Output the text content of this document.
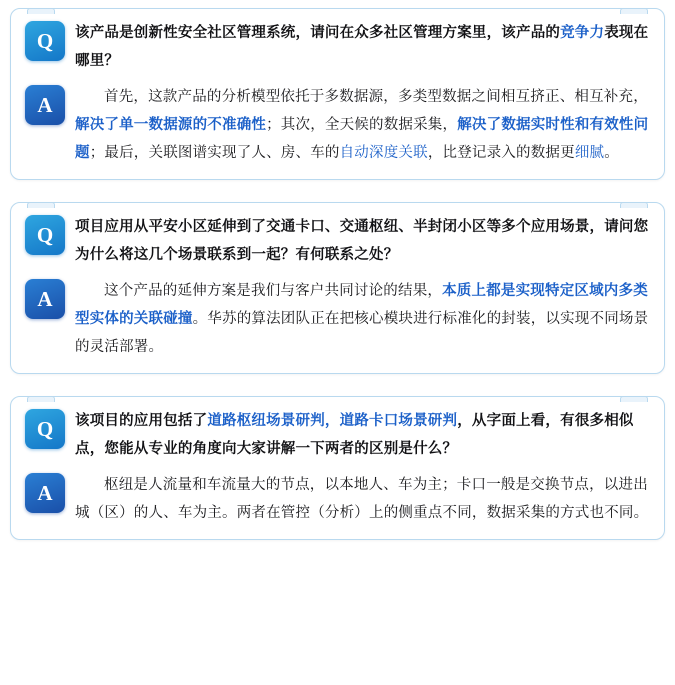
Q	该产品是创新性安全社区管理系统，请问在众多社区管理方案里，该产品的竞争力表现在哪里？
A	首先，这款产品的分析模型依托于多数据源，多类型数据之间相互挤正、相互补充，解决了单一数据源的不准确性；其次，全天候的数据采集，解决了数据实时性和有效性问题；最后，关联图谱实现了人、房、车的自动深度关联，比登记录入的数据更细腻。
Q	项目应用从平安小区延伸到了交通卡口、交通枢纽、半封闭小区等多个应用场景，请问您为什么将这几个场景联系到一起？有何联系之处？
A	这个产品的延伸方案是我们与客户共同讨论的结果，本质上都是实现特定区域内多类型实体的关联碰撞。华苏的算法团队正在把核心模块进行标准化的封装，以实现不同场景的灵活部署。
Q	该项目的应用包括了道路枢纽场景研判，道路卡口场景研判，从字面上看，有很多相似点，您能从专业的角度向大家讲解一下两者的区别是什么？
A	枢纽是人流量和车流量大的节点，以本地人、车为主；卡口一般是交换节点，以进出城（区）的人、车为主。两者在管控（分析）上的侧重点不同，数据采集的方式也不同。
